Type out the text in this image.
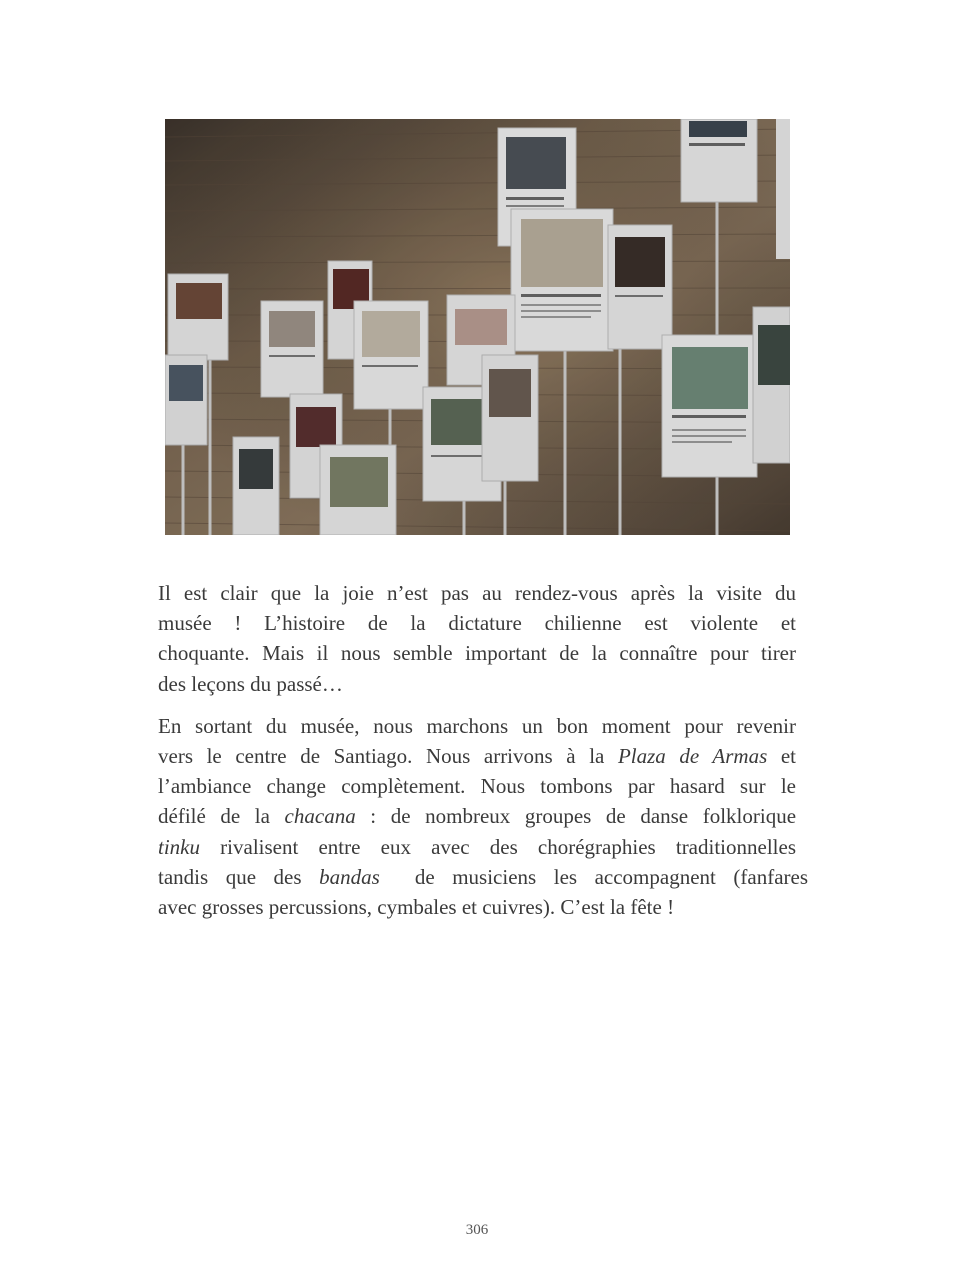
Il est clair que la joie n’est pas au rendez-vous après la visite du
musée ! L’histoire de la dictature chilienne est violente et
choquante. Mais il nous semble important de la connaître pour tirer
des leçons du passé…

En sortant du musée, nous marchons un bon moment pour revenir
vers le centre de Santiago. Nous arrivons à la Plaza de Armas et
l’ambiance change complètement. Nous tombons par hasard sur le
défilé de la chacana : de nombreux groupes de danse folklorique
tinku rivalisent entre eux avec des chorégraphies traditionnelles
tandis que des bandas de musiciens les accompagnent (fanfares
avec grosses percussions, cymbales et cuivres). C’est la fête !

306
